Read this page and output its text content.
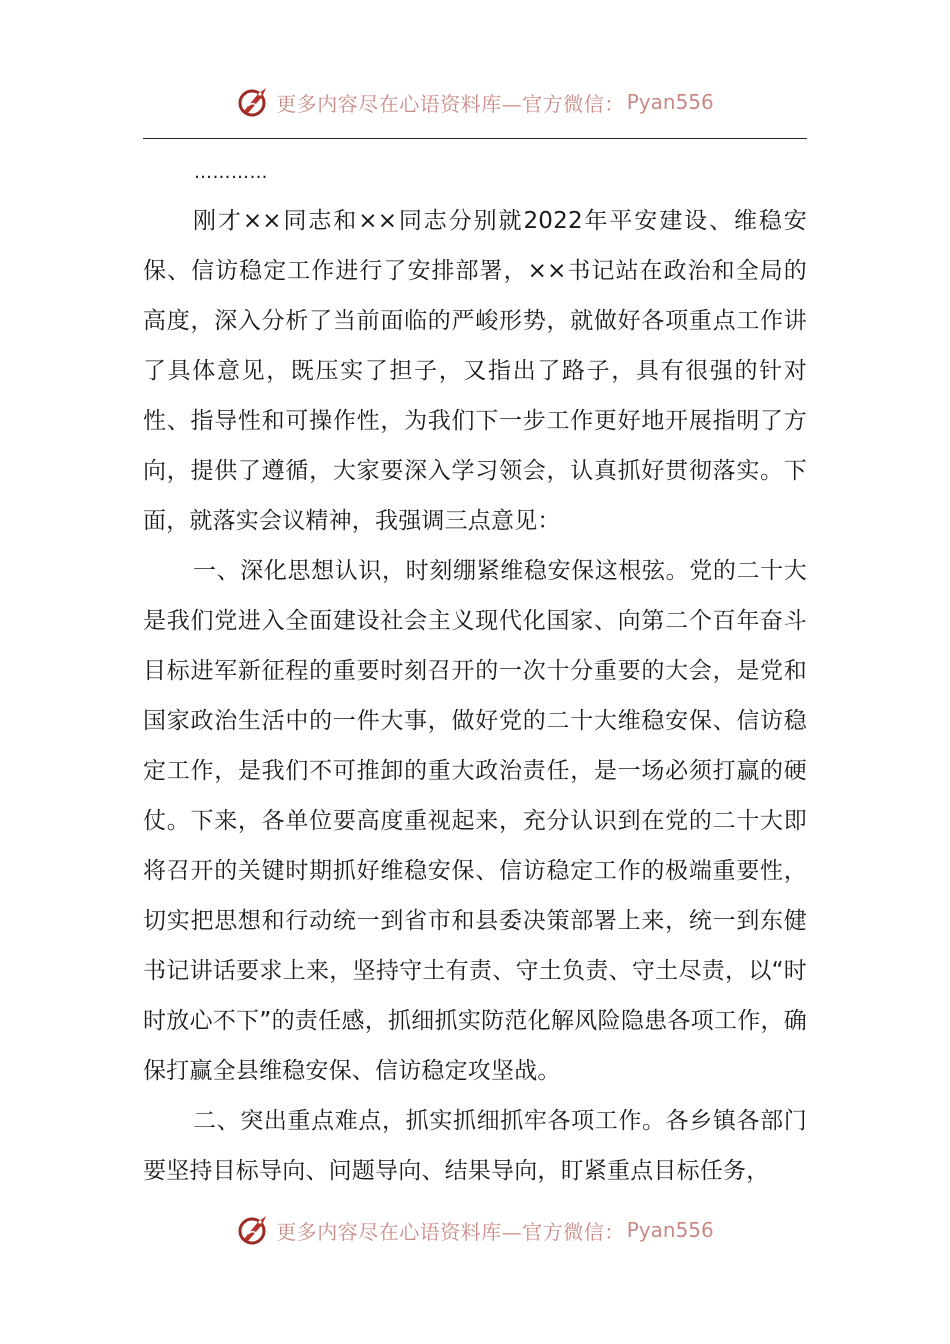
更多内容尽在心语资料库—官方微信： Pyan556

…………

刚才××同志和××同志分别就2022年平安建设、维稳安保、信访稳定工作进行了安排部署，××书记站在政治和全局的高度，深入分析了当前面临的严峻形势，就做好各项重点工作讲了具体意见，既压实了担子，又指出了路子，具有很强的针对性、指导性和可操作性，为我们下一步工作更好地开展指明了方向，提供了遵循，大家要深入学习领会，认真抓好贯彻落实。下面，就落实会议精神，我强调三点意见：

一、深化思想认识，时刻绷紧维稳安保这根弦。党的二十大是我们党进入全面建设社会主义现代化国家、向第二个百年奋斗目标进军新征程的重要时刻召开的一次十分重要的大会，是党和国家政治生活中的一件大事，做好党的二十大维稳安保、信访稳定工作，是我们不可推卸的重大政治责任，是一场必须打赢的硬仗。下来，各单位要高度重视起来，充分认识到在党的二十大即将召开的关键时期抓好维稳安保、信访稳定工作的极端重要性，切实把思想和行动统一到省市和县委决策部署上来，统一到东健书记讲话要求上来，坚持守土有责、守土负责、守土尽责，以“时时放心不下”的责任感，抓细抓实防范化解风险隐患各项工作，确保打赢全县维稳安保、信访稳定攻坚战。

二、突出重点难点，抓实抓细抓牢各项工作。各乡镇各部门要坚持目标导向、问题导向、结果导向，盯紧重点目标任务，

更多内容尽在心语资料库—官方微信： Pyan556
